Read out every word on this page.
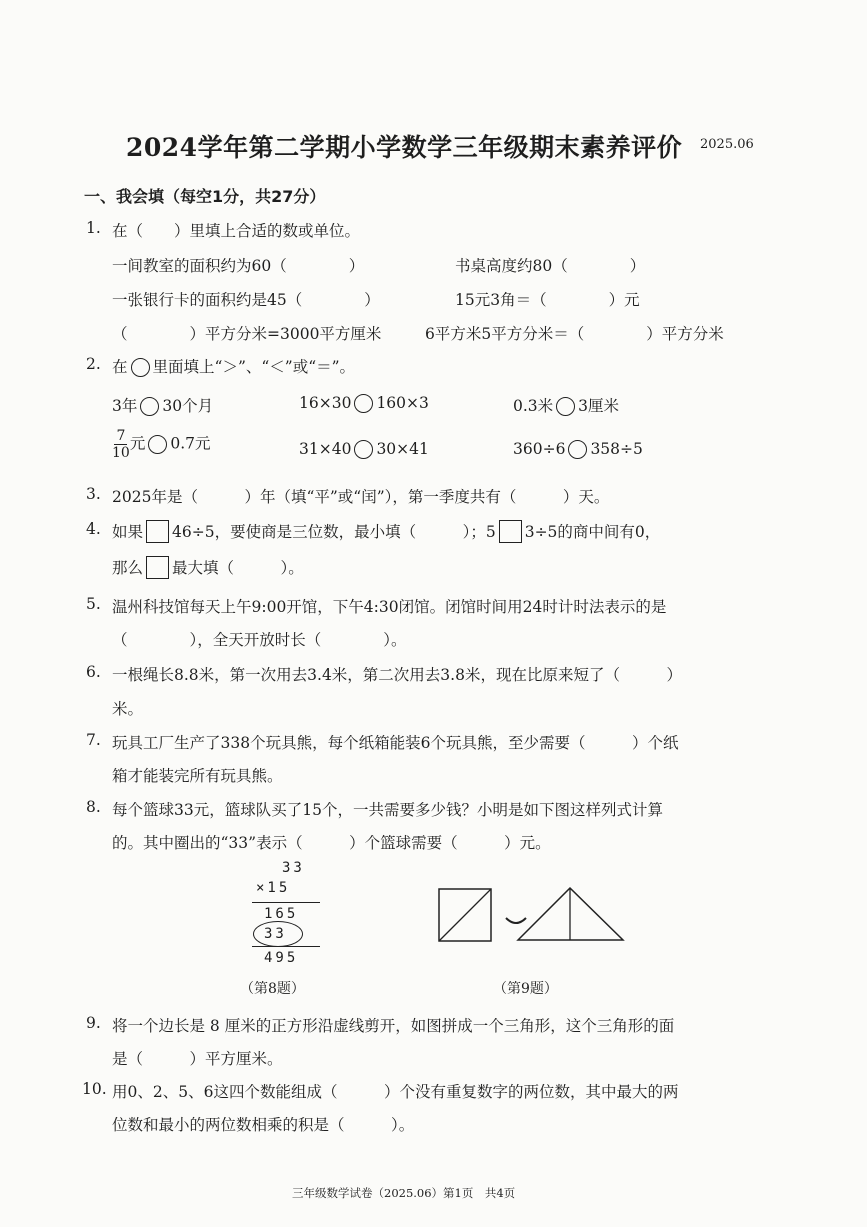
2024学年第二学期小学数学三年级期末素养评价 2025.06
一、我会填（每空1分，共27分）
1. 在（　　）里填上合适的数或单位。
一间教室的面积约为60（　　　　）	书桌高度约80（　　　　）
一张银行卡的面积约是45（　　　　）	15元3角＝（　　　　）元
（　　　　）平方分米=3000平方厘米	6平方米5平方分米＝（　　　　）平方分米
2. 在 里面填上“＞”、“＜”或“＝”。
3年 30个月	16×30 160×3	0.3米 3厘米
$\frac{7}{10}$ 元 0.7元	31×40 30×41	360÷6 358÷5
3. 2025年是（　　　）年（填“平”或“闰”），第一季度共有（　　　）天。
4. 如果 46÷5，要使商是三位数，最小填（　　　）；5 3÷5的商中间有0，
那么 最大填（　　　）。
5. 温州科技馆每天上午9:00开馆，下午4:30闭馆。闭馆时间用24时计时法表示的是
（　　　　），全天开放时长（　　　　）。
6. 一根绳长8.8米，第一次用去3.4米，第二次用去3.8米，现在比原来短了（　　　）
米。
7. 玩具工厂生产了338个玩具熊，每个纸箱能装6个玩具熊，至少需要（　　　）个纸
箱才能装完所有玩具熊。
8. 每个篮球33元，篮球队买了15个，一共需要多少钱？小明是如下图这样列式计算
的。其中圈出的“33”表示（　　　）个篮球需要（　　　）元。
33
×15
165
33
495
（第8题）	（第9题）
9. 将一个边长是 8 厘米的正方形沿虚线剪开，如图拼成一个三角形，这个三角形的面
是（　　　）平方厘米。
10. 用0、2、5、6这四个数能组成（　　　）个没有重复数字的两位数，其中最大的两
位数和最小的两位数相乘的积是（　　　）。
三年级数学试卷（2025.06）第1页　共4页
